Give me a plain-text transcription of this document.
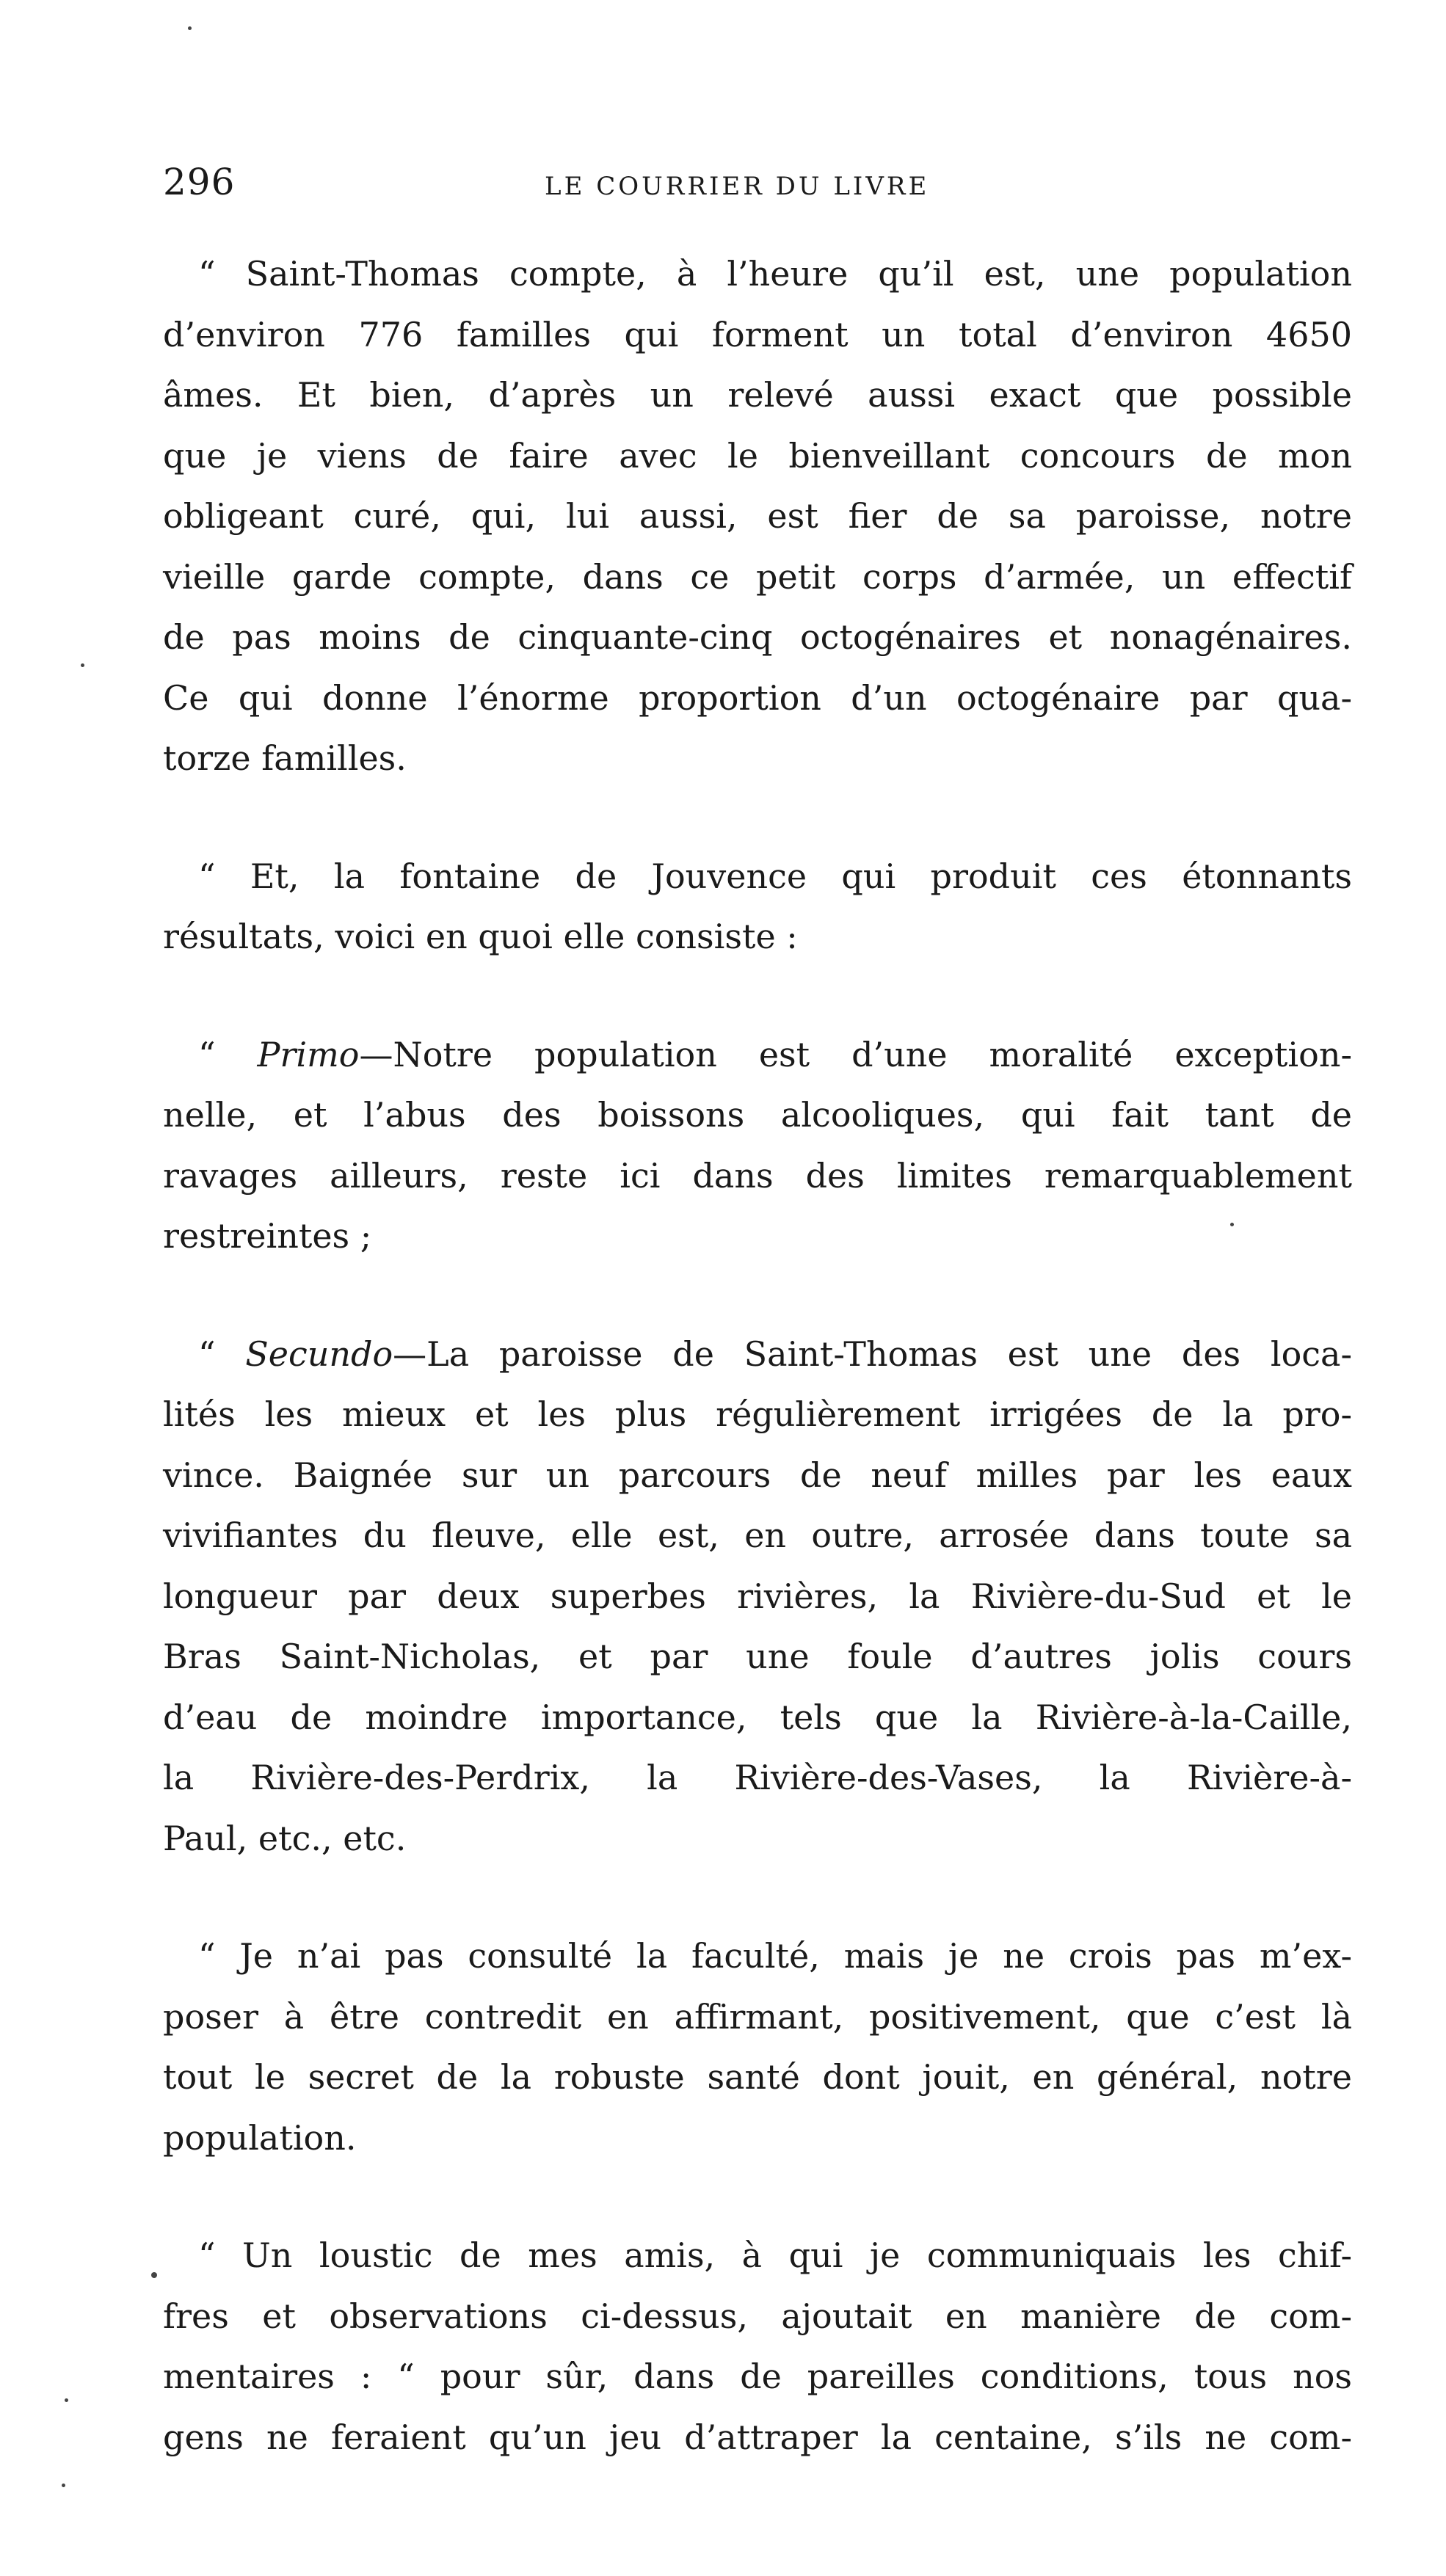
296	LE COURRIER DU LIVRE
“ Saint-Thomas compte, à l’heure qu’il est, une population
d’environ 776 familles qui forment un total d’environ 4650
âmes. Et bien, d’après un relevé aussi exact que possible
que je viens de faire avec le bienveillant concours de mon
obligeant curé, qui, lui aussi, est fier de sa paroisse, notre
vieille garde compte, dans ce petit corps d’armée, un effectif
de pas moins de cinquante-cinq octogénaires et nonagénaires.
Ce qui donne l’énorme proportion d’un octogénaire par qua-
torze familles.
“ Et, la fontaine de Jouvence qui produit ces étonnants
résultats, voici en quoi elle consiste :
“ Primo—Notre population est d’une moralité exception-
nelle, et l’abus des boissons alcooliques, qui fait tant de
ravages ailleurs, reste ici dans des limites remarquablement
restreintes ;
“ Secundo—La paroisse de Saint-Thomas est une des loca-
lités les mieux et les plus régulièrement irrigées de la pro-
vince. Baignée sur un parcours de neuf milles par les eaux
vivifiantes du fleuve, elle est, en outre, arrosée dans toute sa
longueur par deux superbes rivières, la Rivière-du-Sud et le
Bras Saint-Nicholas, et par une foule d’autres jolis cours
d’eau de moindre importance, tels que la Rivière-à-la-Caille,
la Rivière-des-Perdrix, la Rivière-des-Vases, la Rivière-à-
Paul, etc., etc.
“ Je n’ai pas consulté la faculté, mais je ne crois pas m’ex-
poser à être contredit en affirmant, positivement, que c’est là
tout le secret de la robuste santé dont jouit, en général, notre
population.
“ Un loustic de mes amis, à qui je communiquais les chif-
fres et observations ci-dessus, ajoutait en manière de com-
mentaires : “ pour sûr, dans de pareilles conditions, tous nos
gens ne feraient qu’un jeu d’attraper la centaine, s’ils ne com-
